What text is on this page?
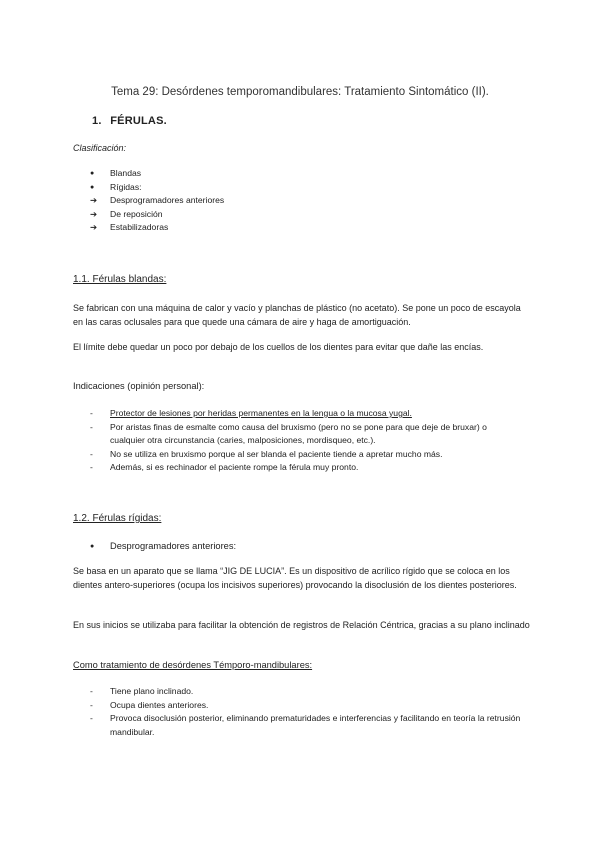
Tema 29: Desórdenes temporomandibulares: Tratamiento Sintomático (II).
1. FÉRULAS.
Clasificación:
●	Blandas
●	Rígidas:
➔	Desprogramadores anteriores
➔	De reposición
➔	Estabilizadoras
1.1. Férulas blandas:
Se fabrican con una máquina de calor y vacío y planchas de plástico (no acetato). Se pone un poco de escayola en las caras oclusales para que quede una cámara de aire y haga de amortiguación.
El límite debe quedar un poco por debajo de los cuellos de los dientes para evitar que dañe las encías.
Indicaciones (opinión personal):
-	Protector de lesiones por heridas permanentes en la lengua o la mucosa yugal.
-	Por aristas finas de esmalte como causa del bruxismo (pero no se pone para que deje de bruxar) o cualquier otra circunstancia (caries, malposiciones, mordisqueo, etc.).
-	No se utiliza en bruxismo porque al ser blanda el paciente tiende a apretar mucho más.
-	Además, si es rechinador el paciente rompe la férula muy pronto.
1.2. Férulas rígidas:
●	Desprogramadores anteriores:
Se basa en un aparato que se llama “JIG DE LUCIA”. Es un dispositivo de acrílico rígido que se coloca en los dientes antero-superiores (ocupa los incisivos superiores) provocando la disoclusión de los dientes posteriores.
En sus inicios se utilizaba para facilitar la obtención de registros de Relación Céntrica, gracias a su plano inclinado
Como tratamiento de desórdenes Témporo-mandibulares:
-	Tiene plano inclinado.
-	Ocupa dientes anteriores.
-	Provoca disoclusión posterior, eliminando prematuridades e interferencias y facilitando en teoría la retrusión mandibular.
